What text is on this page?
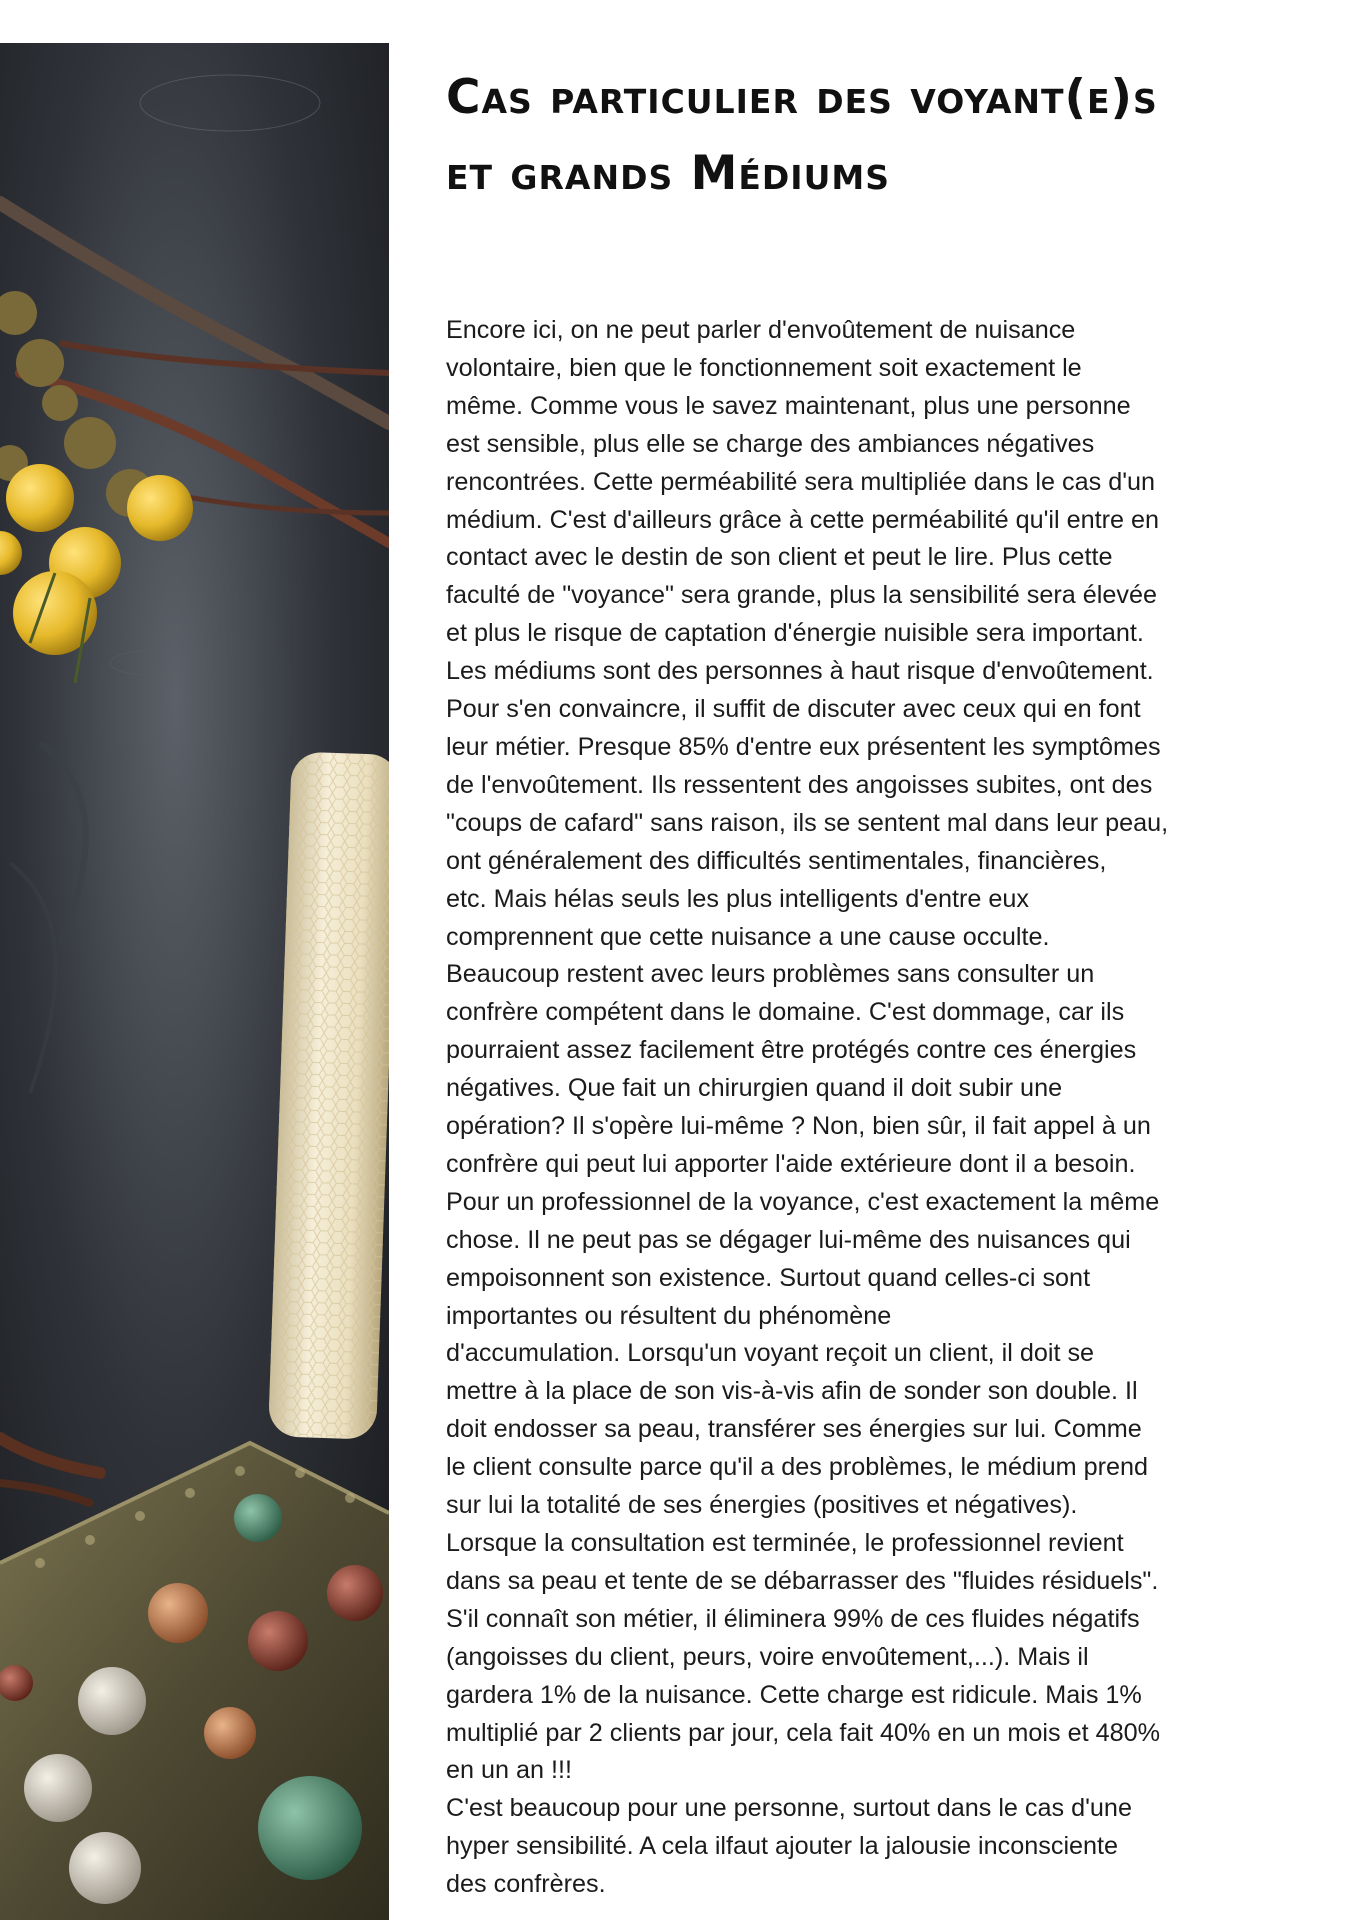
Cas particulier des voyant(e)s
et grands Médiums
Encore ici, on ne peut parler d'envoûtement de nuisance
volontaire, bien que le fonctionnement soit exactement le
même. Comme vous le savez maintenant, plus une personne
est sensible, plus elle se charge des ambiances négatives
rencontrées. Cette perméabilité sera multipliée dans le cas d'un
médium. C'est d'ailleurs grâce à cette perméabilité qu'il entre en
contact avec le destin de son client et peut le lire. Plus cette
faculté de "voyance" sera grande, plus la sensibilité sera élevée
et plus le risque de captation d'énergie nuisible sera important.
Les médiums sont des personnes à haut risque d'envoûtement.
Pour s'en convaincre, il suffit de discuter avec ceux qui en font
leur métier. Presque 85% d'entre eux présentent les symptômes
de l'envoûtement. Ils ressentent des angoisses subites, ont des
"coups de cafard" sans raison, ils se sentent mal dans leur peau,
ont généralement des difficultés sentimentales, financières,
etc. Mais hélas seuls les plus intelligents d'entre eux
comprennent que cette nuisance a une cause occulte.
Beaucoup restent avec leurs problèmes sans consulter un
confrère compétent dans le domaine. C'est dommage, car ils
pourraient assez facilement être protégés contre ces énergies
négatives. Que fait un chirurgien quand il doit subir une
opération? Il s'opère lui-même ? Non, bien sûr, il fait appel à un
confrère qui peut lui apporter l'aide extérieure dont il a besoin.
Pour un professionnel de la voyance, c'est exactement la même
chose. Il ne peut pas se dégager lui-même des nuisances qui
empoisonnent son existence. Surtout quand celles-ci sont
importantes ou résultent du phénomène
d'accumulation. Lorsqu'un voyant reçoit un client, il doit se
mettre à la place de son vis-à-vis afin de sonder son double. Il
doit endosser sa peau, transférer ses énergies sur lui. Comme
le client consulte parce qu'il a des problèmes, le médium prend
sur lui la totalité de ses énergies (positives et négatives).
Lorsque la consultation est terminée, le professionnel revient
dans sa peau et tente de se débarrasser des "fluides résiduels".
S'il connaît son métier, il éliminera 99% de ces fluides négatifs
(angoisses du client, peurs, voire envoûtement,...). Mais il
gardera 1% de la nuisance. Cette charge est ridicule. Mais 1%
multiplié par 2 clients par jour, cela fait 40% en un mois et 480%
en un an !!!
C'est beaucoup pour une personne, surtout dans le cas d'une
hyper sensibilité. A cela ilfaut ajouter la jalousie inconsciente
des confrères.
